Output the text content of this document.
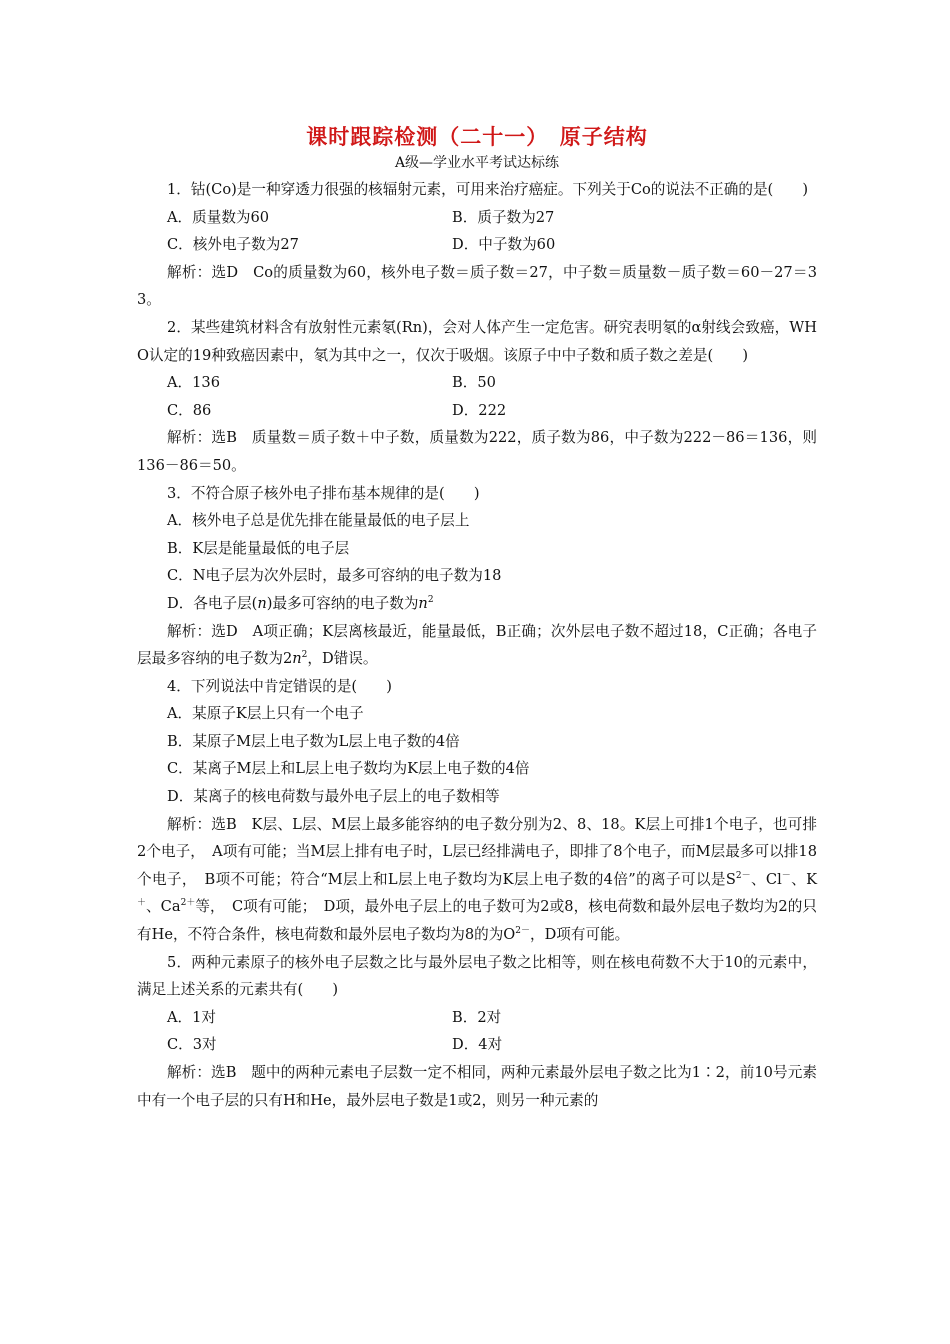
课时跟踪检测（二十一）　原子结构

A级—学业水平考试达标练

1．钴(Co)是一种穿透力很强的核辐射元素，可用来治疗癌症。下列关于Co的说法不正确的是(　　)

A．质量数为60	B．质子数为27
C．核外电子数为27	D．中子数为60

解析：选D　Co的质量数为60，核外电子数＝质子数＝27，中子数＝质量数－质子数＝60－27＝33。

2．某些建筑材料含有放射性元素氡(Rn)，会对人体产生一定危害。研究表明氡的α射线会致癌，WHO认定的19种致癌因素中，氡为其中之一，仅次于吸烟。该原子中中子数和质子数之差是(　　)

A．136	B．50
C．86	D．222

解析：选B　质量数＝质子数＋中子数，质量数为222，质子数为86，中子数为222－86＝136，则136－86＝50。

3．不符合原子核外电子排布基本规律的是(　　)

A．核外电子总是优先排在能量最低的电子层上

B．K层是能量最低的电子层

C．N电子层为次外层时，最多可容纳的电子数为18

D．各电子层(n)最多可容纳的电子数为$n^2$

解析：选D　A项正确；K层离核最近，能量最低，B正确；次外层电子数不超过18，C正确；各电子层最多容纳的电子数为$2n^2$，D错误。

4．下列说法中肯定错误的是(　　)

A．某原子K层上只有一个电子

B．某原子M层上电子数为L层上电子数的4倍

C．某离子M层上和L层上电子数均为K层上电子数的4倍

D．某离子的核电荷数与最外电子层上的电子数相等

解析：选B　K层、L层、M层上最多能容纳的电子数分别为2、8、18。K层上可排1个电子，也可排2个电子，　A项有可能；当M层上排有电子时，L层已经排满电子，即排了8个电子，而M层最多可以排18个电子，　B项不可能；符合“M层上和L层上电子数均为K层上电子数的4倍”的离子可以是$S^{2-}$、Cl－、K＋、$Ca^{2+}$等，　C项有可能；　D项，最外电子层上的电子数可为2或8，核电荷数和最外层电子数均为2的只有He，不符合条件，核电荷数和最外层电子数均为8的为$O^{2-}$，D项有可能。

5．两种元素原子的核外电子层数之比与最外层电子数之比相等，则在核电荷数不大于10的元素中，满足上述关系的元素共有(　　)

A．1对	B．2对
C．3对	D．4对

解析：选B　题中的两种元素电子层数一定不相同，两种元素最外层电子数之比为1∶2，前10号元素中有一个电子层的只有H和He，最外层电子数是1或2，则另一种元素的
